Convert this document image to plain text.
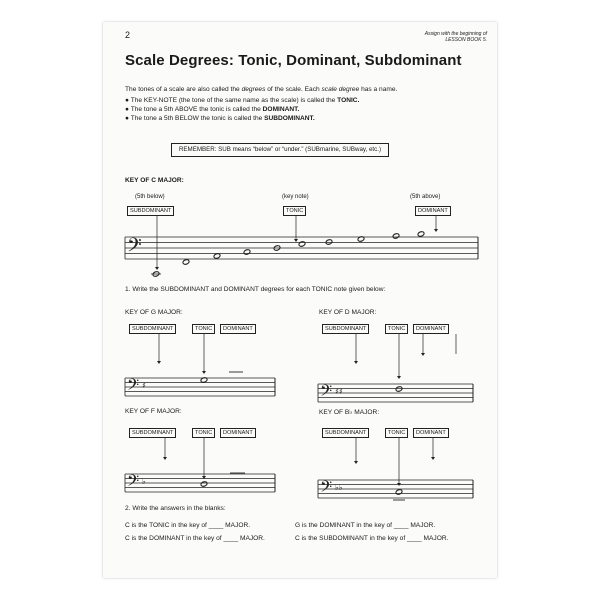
2	Assign with the beginning of
LESSON BOOK 5.
Scale Degrees: Tonic, Dominant, Subdominant
The tones of a scale are also called the degrees of the scale. Each scale degree has a name.
● The KEY-NOTE (the tone of the same name as the scale) is called the TONIC.
● The tone a 5th ABOVE the tonic is called the DOMINANT.
● The tone a 5th BELOW the tonic is called the SUBDOMINANT.
REMEMBER: SUB means “below” or “under.” (SUBmarine, SUBway, etc.)
KEY OF C MAJOR:
(5th below)	(key note)	(5th above)
SUBDOMINANT	TONIC	DOMINANT
𝄢
𝄢 ♯	𝄢 ♯♯
𝄢 ♭	𝄢 ♭♭
1. Write the SUBDOMINANT and DOMINANT degrees for each TONIC note given below:
KEY OF G MAJOR:
SUBDOMINANT	TONIC	DOMINANT
KEY OF D MAJOR:
SUBDOMINANT	TONIC	DOMINANT
KEY OF F MAJOR:
SUBDOMINANT	TONIC	DOMINANT
KEY OF B♭ MAJOR:
SUBDOMINANT	TONIC	DOMINANT
2. Write the answers in the blanks:
C is the TONIC in the key of ____ MAJOR.	G is the DOMINANT in the key of ____ MAJOR.
C is the DOMINANT in the key of ____ MAJOR.	C is the SUBDOMINANT in the key of ____ MAJOR.
